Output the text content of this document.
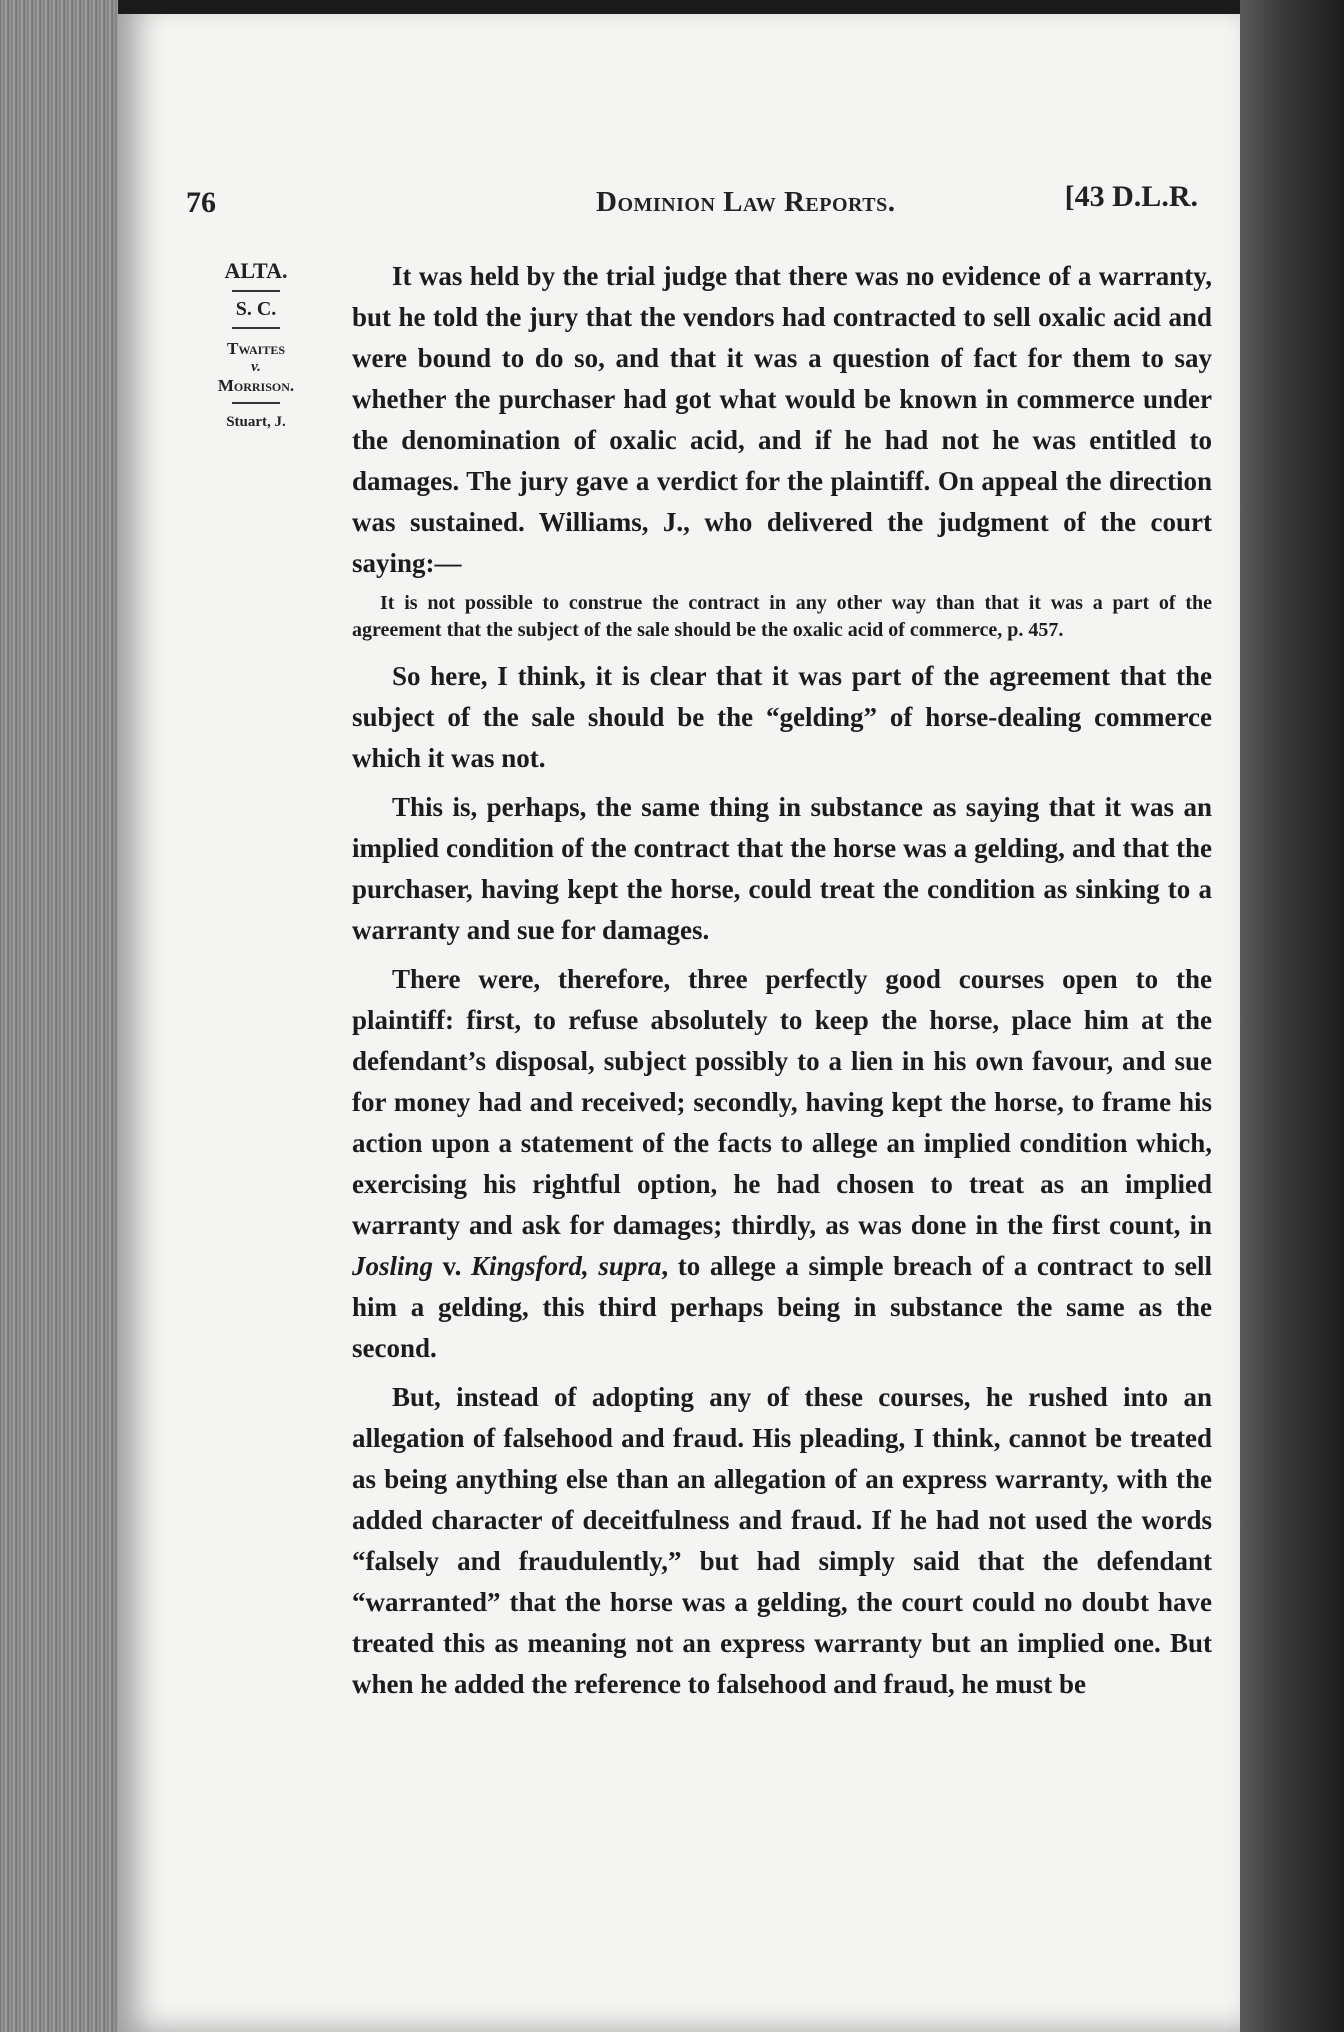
76	Dominion Law Reports.	[43 D.L.R.
ALTA.
S. C.
Twaites
v.
Morrison.
Stuart, J.

It was held by the trial judge that there was no evidence of a warranty, but he told the jury that the vendors had contracted to sell oxalic acid and were bound to do so, and that it was a question of fact for them to say whether the purchaser had got what would be known in commerce under the denomination of oxalic acid, and if he had not he was entitled to damages. The jury gave a verdict for the plaintiff. On appeal the direction was sustained. Williams, J., who delivered the judgment of the court saying:—

It is not possible to construe the contract in any other way than that it was a part of the agreement that the subject of the sale should be the oxalic acid of commerce, p. 457.

So here, I think, it is clear that it was part of the agreement that the subject of the sale should be the “gelding” of horse-dealing commerce which it was not.

This is, perhaps, the same thing in substance as saying that it was an implied condition of the contract that the horse was a gelding, and that the purchaser, having kept the horse, could treat the condition as sinking to a warranty and sue for damages.

There were, therefore, three perfectly good courses open to the plaintiff: first, to refuse absolutely to keep the horse, place him at the defendant’s disposal, subject possibly to a lien in his own favour, and sue for money had and received; secondly, having kept the horse, to frame his action upon a statement of the facts to allege an implied condition which, exercising his rightful option, he had chosen to treat as an implied warranty and ask for damages; thirdly, as was done in the first count, in Josling v. Kingsford, supra, to allege a simple breach of a contract to sell him a gelding, this third perhaps being in substance the same as the second.

But, instead of adopting any of these courses, he rushed into an allegation of falsehood and fraud. His pleading, I think, cannot be treated as being anything else than an allegation of an express warranty, with the added character of deceitfulness and fraud. If he had not used the words “falsely and fraudulently,” but had simply said that the defendant “warranted” that the horse was a gelding, the court could no doubt have treated this as meaning not an express warranty but an implied one. But when he added the reference to falsehood and fraud, he must be
